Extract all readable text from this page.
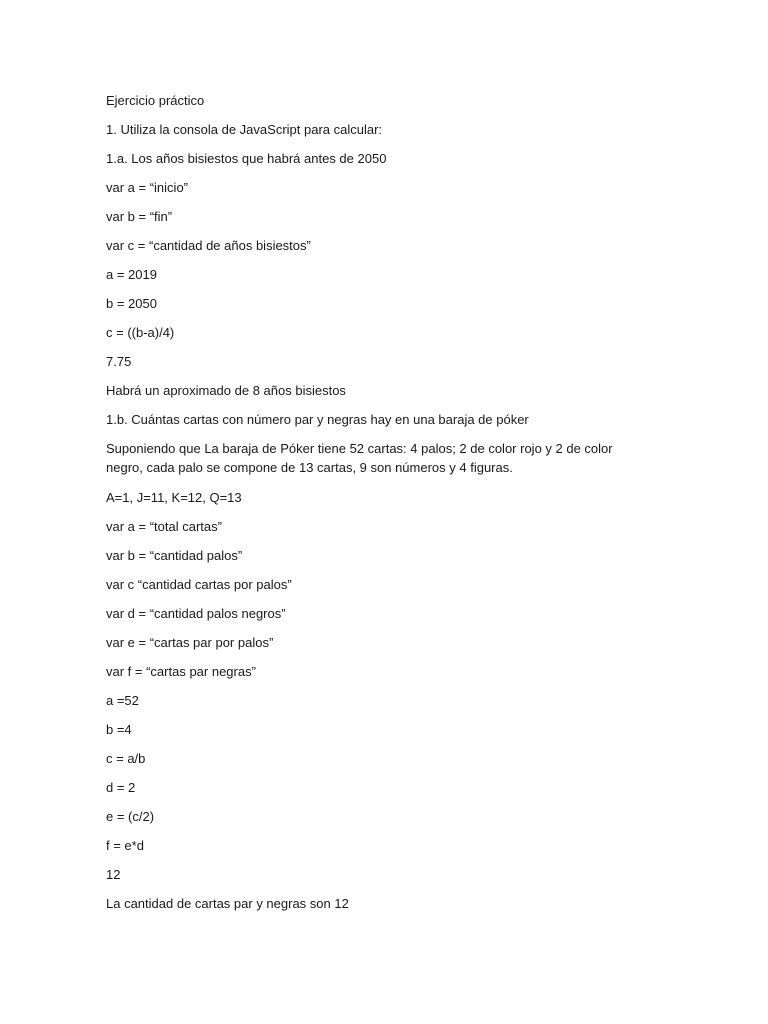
Ejercicio práctico

1. Utiliza la consola de JavaScript para calcular:

1.a. Los años bisiestos que habrá antes de 2050

var a = “inicio”

var b = “fin”

var c = “cantidad de años bisiestos”

a = 2019

b = 2050

c = ((b-a)/4)

7.75

Habrá un aproximado de 8 años bisiestos

1.b. Cuántas cartas con número par y negras hay en una baraja de póker

Suponiendo que La baraja de Póker tiene 52 cartas: 4 palos; 2 de color rojo y 2 de color negro, cada palo se compone de 13 cartas, 9 son números y 4 figuras.

A=1, J=11, K=12, Q=13

var a = “total cartas”

var b = “cantidad palos”

var c “cantidad cartas por palos”

var d = “cantidad palos negros”

var e = “cartas par por palos”

var f = “cartas par negras”

a =52

b =4

c = a/b

d = 2

e = (c/2)

f = e*d

12

La cantidad de cartas par y negras son 12
